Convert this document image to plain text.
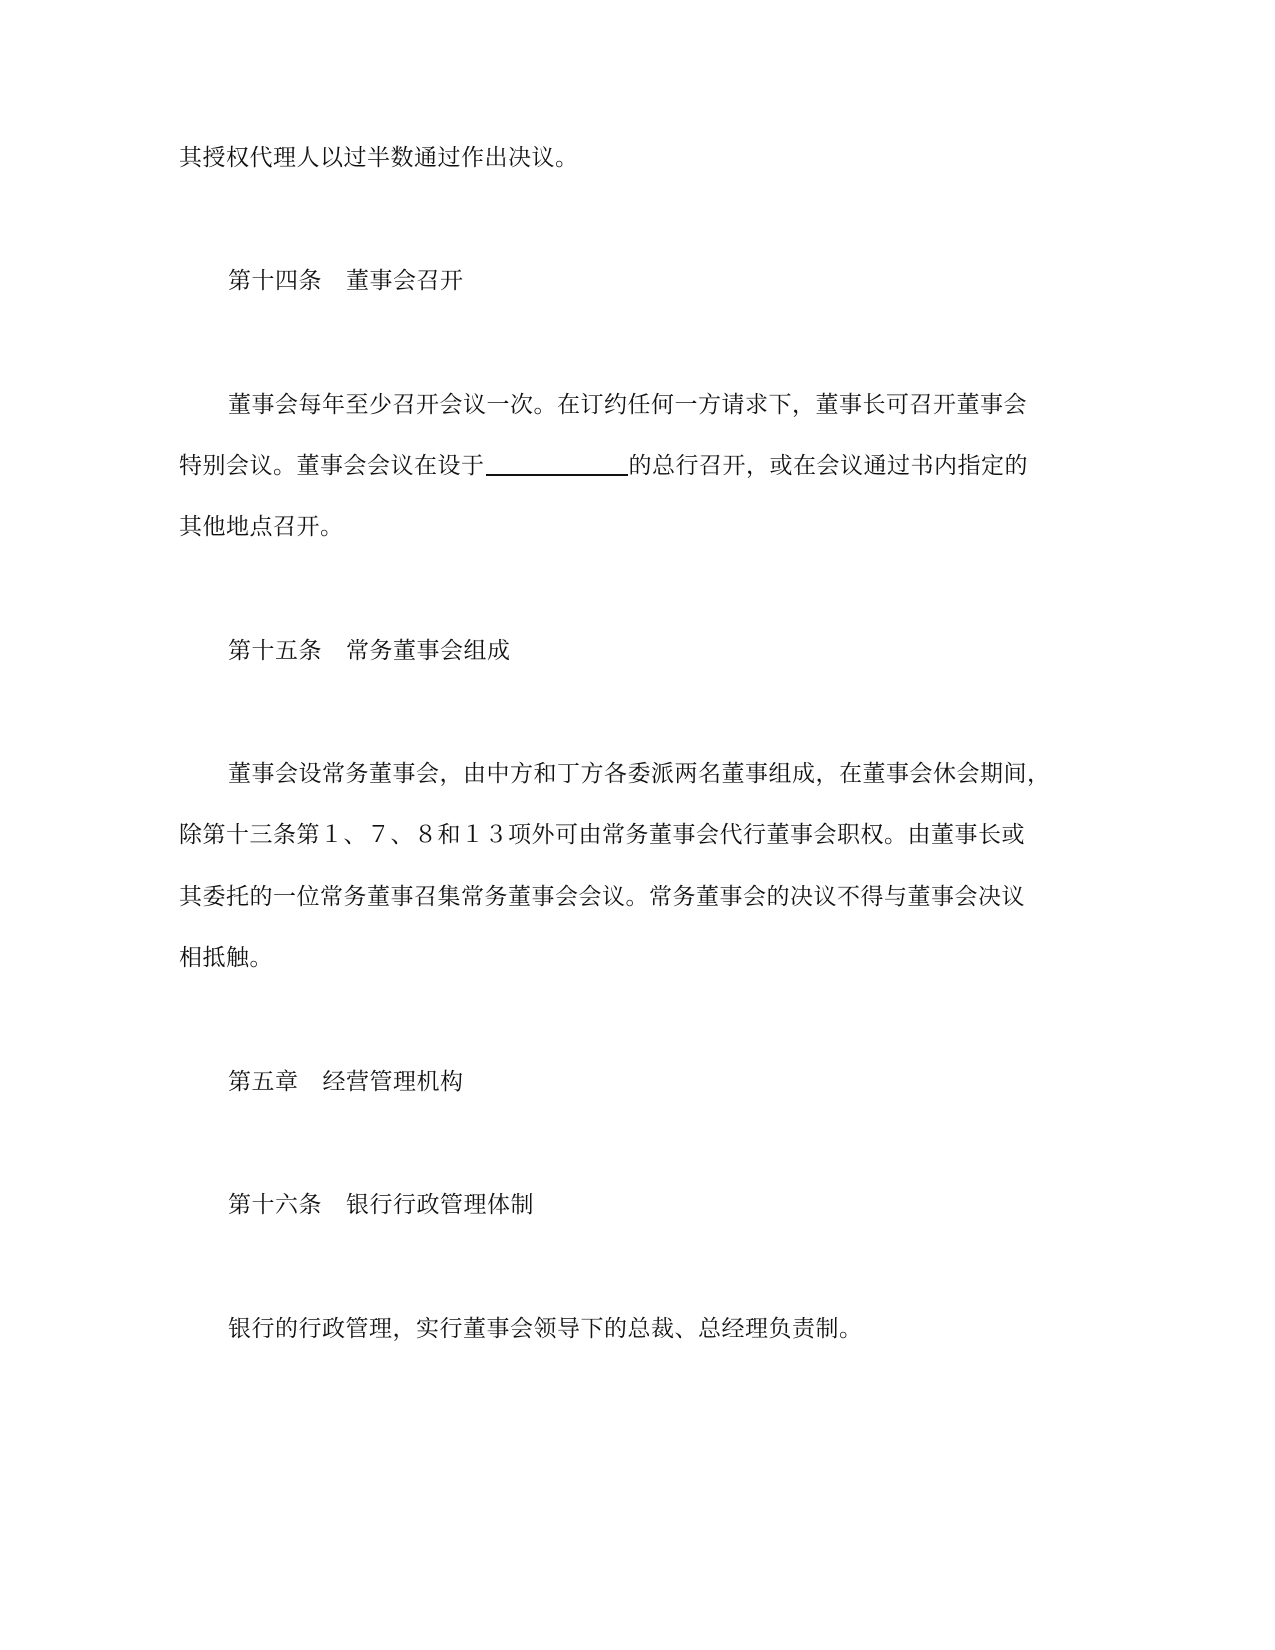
其授权代理人以过半数通过作出决议。
第十四条 董事会召开
董事会每年至少召开会议一次。在订约任何一方请求下，董事长可召开董事会
特别会议。董事会会议在设于	的总行召开，或在会议通过书内指定的
其他地点召开。
第十五条 常务董事会组成
董事会设常务董事会，由中方和丁方各委派两名董事组成，在董事会休会期间，
除第十三条第１、７、８和１３项外可由常务董事会代行董事会职权。由董事长或
其委托的一位常务董事召集常务董事会会议。常务董事会的决议不得与董事会决议
相抵触。
第五章 经营管理机构
第十六条 银行行政管理体制
银行的行政管理，实行董事会领导下的总裁、总经理负责制。
